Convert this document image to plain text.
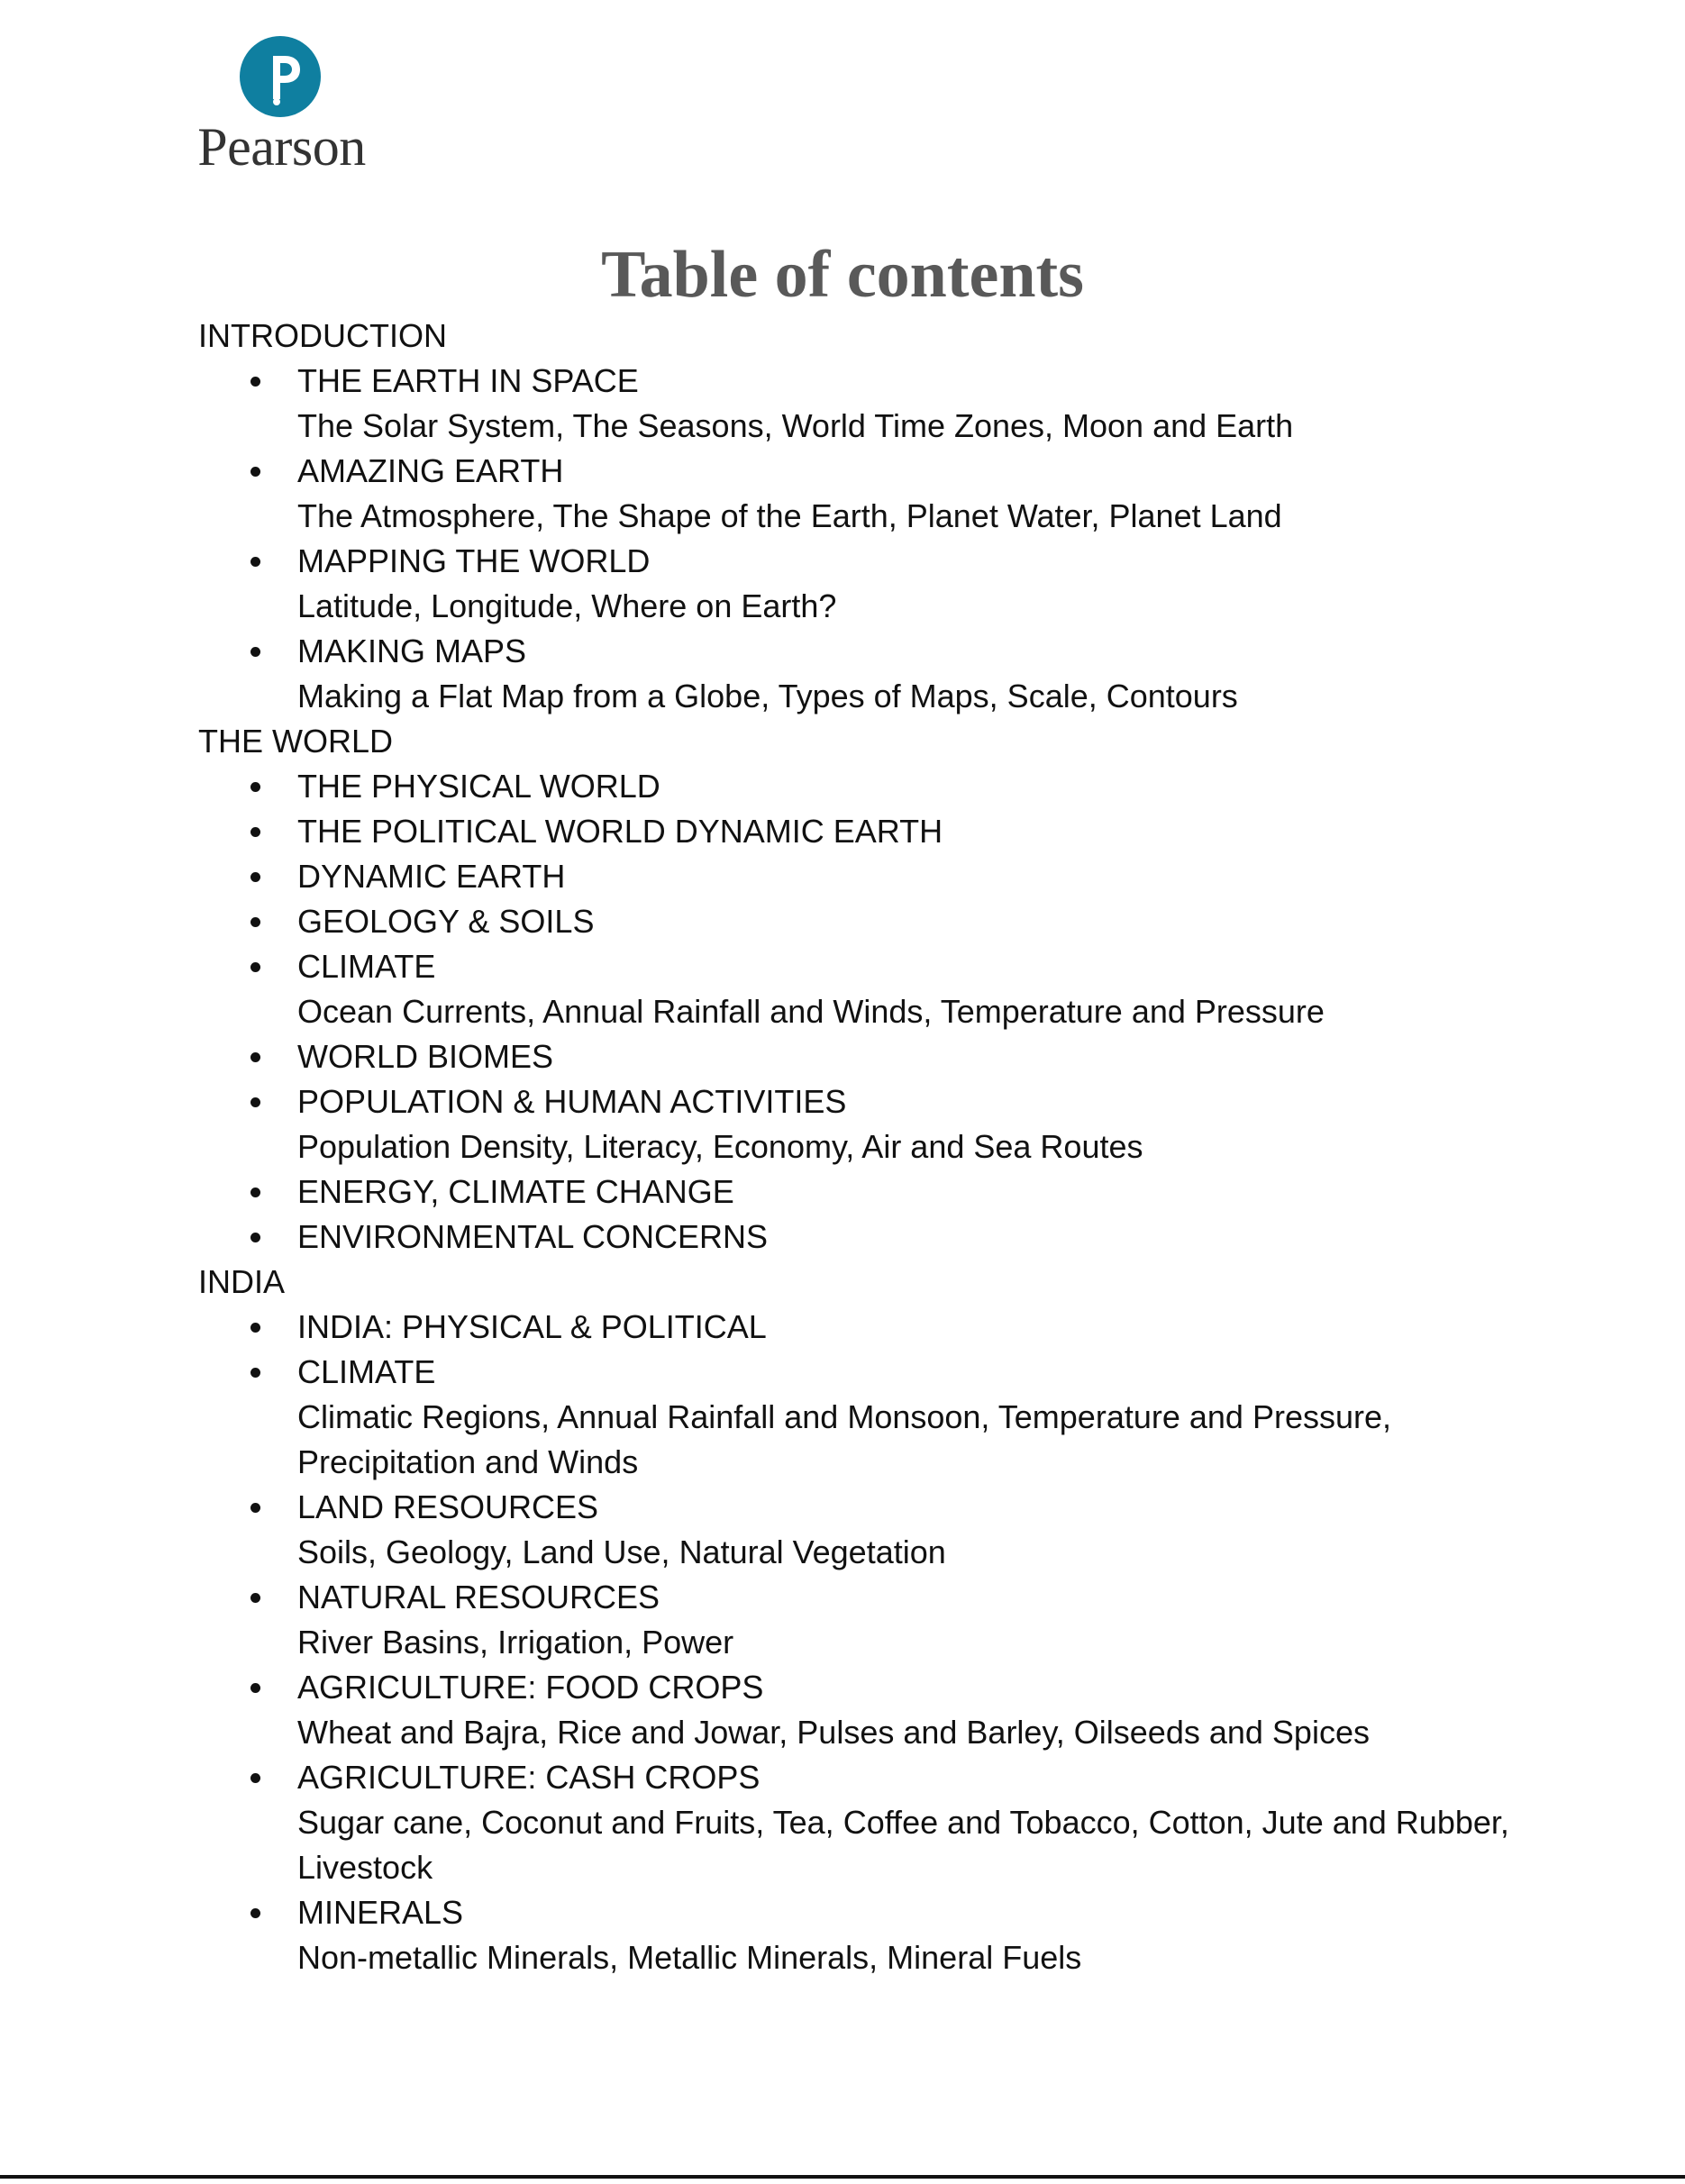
Pearson
Table of contents
INTRODUCTION
THE EARTH IN SPACE
The Solar System, The Seasons, World Time Zones, Moon and Earth
AMAZING EARTH
The Atmosphere, The Shape of the Earth, Planet Water, Planet Land
MAPPING THE WORLD
Latitude, Longitude, Where on Earth?
MAKING MAPS
Making a Flat Map from a Globe, Types of Maps, Scale, Contours
THE WORLD
THE PHYSICAL WORLD
THE POLITICAL WORLD DYNAMIC EARTH
DYNAMIC EARTH
GEOLOGY & SOILS
CLIMATE
Ocean Currents, Annual Rainfall and Winds, Temperature and Pressure
WORLD BIOMES
POPULATION & HUMAN ACTIVITIES
Population Density, Literacy, Economy, Air and Sea Routes
ENERGY, CLIMATE CHANGE
ENVIRONMENTAL CONCERNS
INDIA
INDIA: PHYSICAL & POLITICAL
CLIMATE
Climatic Regions, Annual Rainfall and Monsoon, Temperature and Pressure, Precipitation and Winds
LAND RESOURCES
Soils, Geology, Land Use, Natural Vegetation
NATURAL RESOURCES
River Basins, Irrigation, Power
AGRICULTURE: FOOD CROPS
Wheat and Bajra, Rice and Jowar, Pulses and Barley, Oilseeds and Spices
AGRICULTURE: CASH CROPS
Sugar cane, Coconut and Fruits, Tea, Coffee and Tobacco, Cotton, Jute and Rubber, Livestock
MINERALS
Non-metallic Minerals, Metallic Minerals, Mineral Fuels
